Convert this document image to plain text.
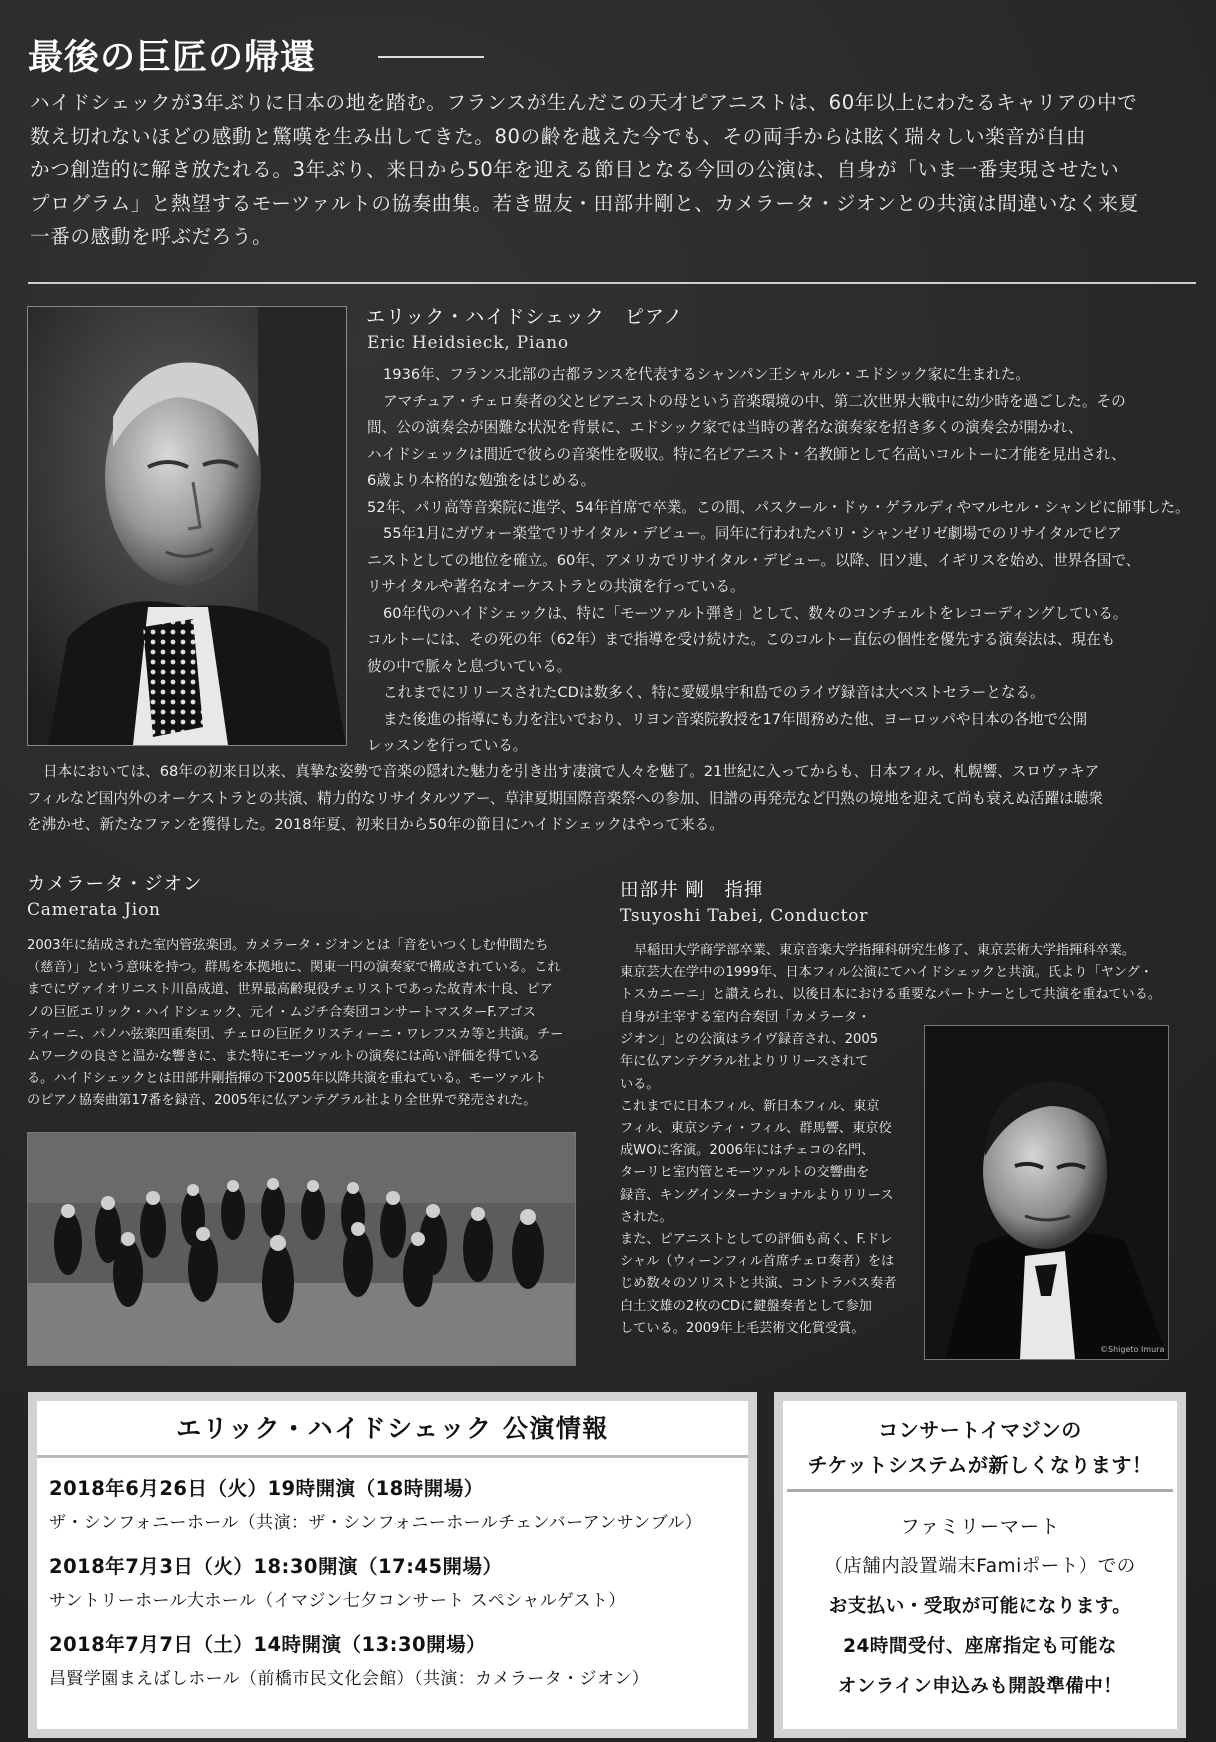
最後の巨匠の帰還

ハイドシェックが3年ぶりに日本の地を踏む。フランスが生んだこの天才ピアニストは、60年以上にわたるキャリアの中で

数え切れないほどの感動と驚嘆を生み出してきた。80の齢を越えた今でも、その両手からは眩く瑞々しい楽音が自由

かつ創造的に解き放たれる。3年ぶり、来日から50年を迎える節目となる今回の公演は、自身が「いま一番実現させたい

プログラム」と熱望するモーツァルトの協奏曲集。若き盟友・田部井剛と、カメラータ・ジオンとの共演は間違いなく来夏

一番の感動を呼ぶだろう。

エリック・ハイドシェック　ピアノ
Eric Heidsieck, Piano

1936年、フランス北部の古都ランスを代表するシャンパン王シャルル・エドシック家に生まれた。

アマチュア・チェロ奏者の父とピアニストの母という音楽環境の中、第二次世界大戦中に幼少時を過ごした。その

間、公の演奏会が困難な状況を背景に、エドシック家では当時の著名な演奏家を招き多くの演奏会が開かれ、

ハイドシェックは間近で彼らの音楽性を吸収。特に名ピアニスト・名教師として名高いコルトーに才能を見出され、

6歳より本格的な勉強をはじめる。

52年、パリ高等音楽院に進学、54年首席で卒業。この間、パスクール・ドゥ・ゲラルディやマルセル・シャンピに師事した。

55年1月にガヴォー楽堂でリサイタル・デビュー。同年に行われたパリ・シャンゼリゼ劇場でのリサイタルでピア

ニストとしての地位を確立。60年、アメリカでリサイタル・デビュー。以降、旧ソ連、イギリスを始め、世界各国で、

リサイタルや著名なオーケストラとの共演を行っている。

60年代のハイドシェックは、特に「モーツァルト弾き」として、数々のコンチェルトをレコーディングしている。

コルトーには、その死の年（62年）まで指導を受け続けた。このコルトー直伝の個性を優先する演奏法は、現在も

彼の中で脈々と息づいている。

これまでにリリースされたCDは数多く、特に愛媛県宇和島でのライヴ録音は大ベストセラーとなる。

また後進の指導にも力を注いでおり、リヨン音楽院教授を17年間務めた他、ヨーロッパや日本の各地で公開

レッスンを行っている。

日本においては、68年の初来日以来、真摯な姿勢で音楽の隠れた魅力を引き出す凄演で人々を魅了。21世紀に入ってからも、日本フィル、札幌響、スロヴァキア

フィルなど国内外のオーケストラとの共演、精力的なリサイタルツアー、草津夏期国際音楽祭への参加、旧譜の再発売など円熟の境地を迎えて尚も衰えぬ活躍は聴衆

を沸かせ、新たなファンを獲得した。2018年夏、初来日から50年の節目にハイドシェックはやって来る。

カメラータ・ジオン
Camerata Jion

2003年に結成された室内管弦楽団。カメラータ・ジオンとは「音をいつくしむ仲間たち

（慈音）」という意味を持つ。群馬を本拠地に、関東一円の演奏家で構成されている。これ

までにヴァイオリニスト川畠成道、世界最高齢現役チェリストであった故青木十良、ピア

ノの巨匠エリック・ハイドシェック、元イ・ムジチ合奏団コンサートマスターF.アゴス

ティーニ、パノハ弦楽四重奏団、チェロの巨匠クリスティーニ・ワレフスカ等と共演。チー

ムワークの良さと温かな響きに、また特にモーツァルトの演奏には高い評価を得ている

る。ハイドシェックとは田部井剛指揮の下2005年以降共演を重ねている。モーツァルト

のピアノ協奏曲第17番を録音、2005年に仏アンテグラル社より全世界で発売された。

田部井 剛　指揮
Tsuyoshi Tabei, Conductor

早稲田大学商学部卒業、東京音楽大学指揮科研究生修了、東京芸術大学指揮科卒業。

東京芸大在学中の1999年、日本フィル公演にてハイドシェックと共演。氏より「ヤング・

トスカニーニ」と讃えられ、以後日本における重要なパートナーとして共演を重ねている。

自身が主宰する室内合奏団「カメラータ・

ジオン」との公演はライヴ録音され、2005

年に仏アンテグラル社よりリリースされて

いる。

これまでに日本フィル、新日本フィル、東京

フィル、東京シティ・フィル、群馬響、東京佼

成WOに客演。2006年にはチェコの名門、

ターリヒ室内管とモーツァルトの交響曲を

録音、キングインターナショナルよりリリース

された。

また、ピアニストとしての評価も高く、F.ドレ

シャル（ウィーンフィル首席チェロ奏者）をは

じめ数々のソリストと共演、コントラバス奏者

白土文雄の2枚のCDに鍵盤奏者として参加

している。2009年上毛芸術文化賞受賞。

©Shigeto Imura
エリック・ハイドシェック 公演情報
2018年6月26日（火）19時開演（18時開場）
ザ・シンフォニーホール（共演：ザ・シンフォニーホールチェンバーアンサンブル）
2018年7月3日（火）18:30開演（17:45開場）
サントリーホール大ホール（イマジン七夕コンサート スペシャルゲスト）
2018年7月7日（土）14時開演（13:30開場）
昌賢学園まえばしホール（前橋市民文化会館）（共演：カメラータ・ジオン）
コンサートイマジンの
チケットシステムが新しくなります！
ファミリーマート
（店舗内設置端末Famiポート）での
お支払い・受取が可能になります。
24時間受付、座席指定も可能な
オンライン申込みも開設準備中！
